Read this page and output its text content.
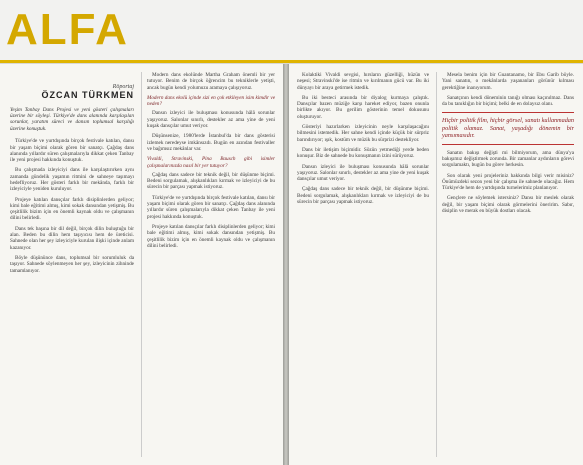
ALFA
Röportaj
ÖZCAN TÜRKMEN

Yeşim Tanbay Dans Projesi ve yeni gösteri çalışmaları üzerine bir söyleşi. Türkiye'de dans alanında karşılaşılan sorunlar, yaratım süreci ve dansın toplumsal karşılığı üzerine konuştuk.

Türkiye'de ve yurtdışında birçok festivale katılan, dansı bir yaşam biçimi olarak gören bir sanatçı. Çağdaş dans alanında yıllardır süren çalışmalarıyla dikkat çeken Tanbay ile yeni projesi hakkında konuştuk.

Bu çalışmada izleyiciyi dans ile karşılaştırırken aynı zamanda gündelik yaşamın ritmini de sahneye taşımayı hedefliyoruz. Her gösteri farklı bir mekânda, farklı bir izleyiciyle yeniden kuruluyor.

Projeye katılan dansçılar farklı disiplinlerden geliyor; kimi bale eğitimi almış, kimi sokak dansından yetişmiş. Bu çeşitlilik bizim için en önemli kaynak oldu ve çalışmanın dilini belirledi.

Dans tek başına bir dil değil, birçok dilin buluştuğu bir alan. Beden bu dilin hem taşıyıcısı hem de üreticisi. Sahnede olan her şey izleyiciyle kurulan ilişki içinde anlam kazanıyor.

Böyle düşününce dans, toplumsal bir sorumluluk da taşıyor. Sahnede söylenmeyen her şey, izleyicinin zihninde tamamlanıyor.

Modern dans ekolünde Martha Graham önemli bir yer tutuyor. Benim de birçok öğrencim bu tekniklerle yetişti, ancak bugün kendi yolumuzu aramaya çalışıyoruz.

Modern dans ekolü içinde sizi en çok etkileyen isim kimdir ve neden?

Dansın izleyici ile buluşması konusunda hâlâ sorunlar yaşıyoruz. Salonlar sınırlı, destekler az ama yine de yeni kuşak dansçılar umut veriyor.

Düşünsenize, 1980'lerde İstanbul'da bir dans gösterisi izlemek neredeyse imkânsızdı. Bugün en azından festivaller ve bağımsız mekânlar var.

Vivaldi, Stravinski, Pina Bausch gibi isimler çalışmalarınızda nasıl bir yer tutuyor?

Çağdaş dans sadece bir teknik değil, bir düşünme biçimi. Bedeni sorgulamak, alışkanlıkları kırmak ve izleyiciyi de bu sürecin bir parçası yapmak istiyoruz.

Türkiye'de ve yurtdışında birçok festivale katılan, dansı bir yaşam biçimi olarak gören bir sanatçı. Çağdaş dans alanında yıllardır süren çalışmalarıyla dikkat çeken Tanbay ile yeni projesi hakkında konuştuk.

Projeye katılan dansçılar farklı disiplinlerden geliyor; kimi bale eğitimi almış, kimi sokak dansından yetişmiş. Bu çeşitlilik bizim için en önemli kaynak oldu ve çalışmanın dilini belirledi.

Kolaktiki Vivaldi sevgisi, hırsların güzelliği, hüzün ve neşesi; Stravinski'de ise ritmin ve kırılmanın gücü var. Bu iki dünyayı bir araya getirmek istedik.

Bu iki besteci arasında bir diyalog kurmaya çalıştık. Dansçılar bazen müziğe karşı hareket ediyor, bazen onunla birlikte akıyor. Bu gerilim gösterinin temel dokusunu oluşturuyor.

Gösteriyi hazırlarken izleyicinin neyle karşılaşacağını bilmesini istemedik. Her sahne kendi içinde küçük bir sürpriz barındırıyor; ışık, kostüm ve müzik bu sürprizi destekliyor.

Dans bir iletişim biçimidir. Sözün yetmediği yerde beden konuşur. Biz de sahnede bu konuşmanın izini sürüyoruz.

Dansın izleyici ile buluşması konusunda hâlâ sorunlar yaşıyoruz. Salonlar sınırlı, destekler az ama yine de yeni kuşak dansçılar umut veriyor.

Çağdaş dans sadece bir teknik değil, bir düşünme biçimi. Bedeni sorgulamak, alışkanlıkları kırmak ve izleyiciyi de bu sürecin bir parçası yapmak istiyoruz.

Mesela benim için bir Guantanamo, bir Ebu Garib böyle. Yani sanatın, o mekânlarda yaşananları görünür kılması gerektiğine inanıyorum.

Sanatçının kendi döneminin tanığı olması kaçınılmaz. Dans da bu tanıklığın bir biçimi; belki de en dolaysız olanı.

Hiçbir politik film, hiçbir görsel, sanatı kullanmadan politik olamaz. Sanat, yaşadığı dönemin bir yansımasıdır.

Sanatın bakışı değişti mi bilmiyorum, ama dünya'ya bakışımız değiştirmek zorunda. Bir zamanlar aydınların görevi sorgulamaktı, bugün bu görev herkesin.

Son olarak yeni projeleriniz hakkında bilgi verir misiniz? Önümüzdeki sezon yeni bir çalışma ile sahnede olacağız. Hem Türkiye'de hem de yurtdışında turnelerimiz planlanıyor.

Gençlere ne söylemek istersiniz? Dansı bir meslek olarak değil, bir yaşam biçimi olarak görmelerini öneririm. Sabır, disiplin ve merak en büyük dostları olacak.
